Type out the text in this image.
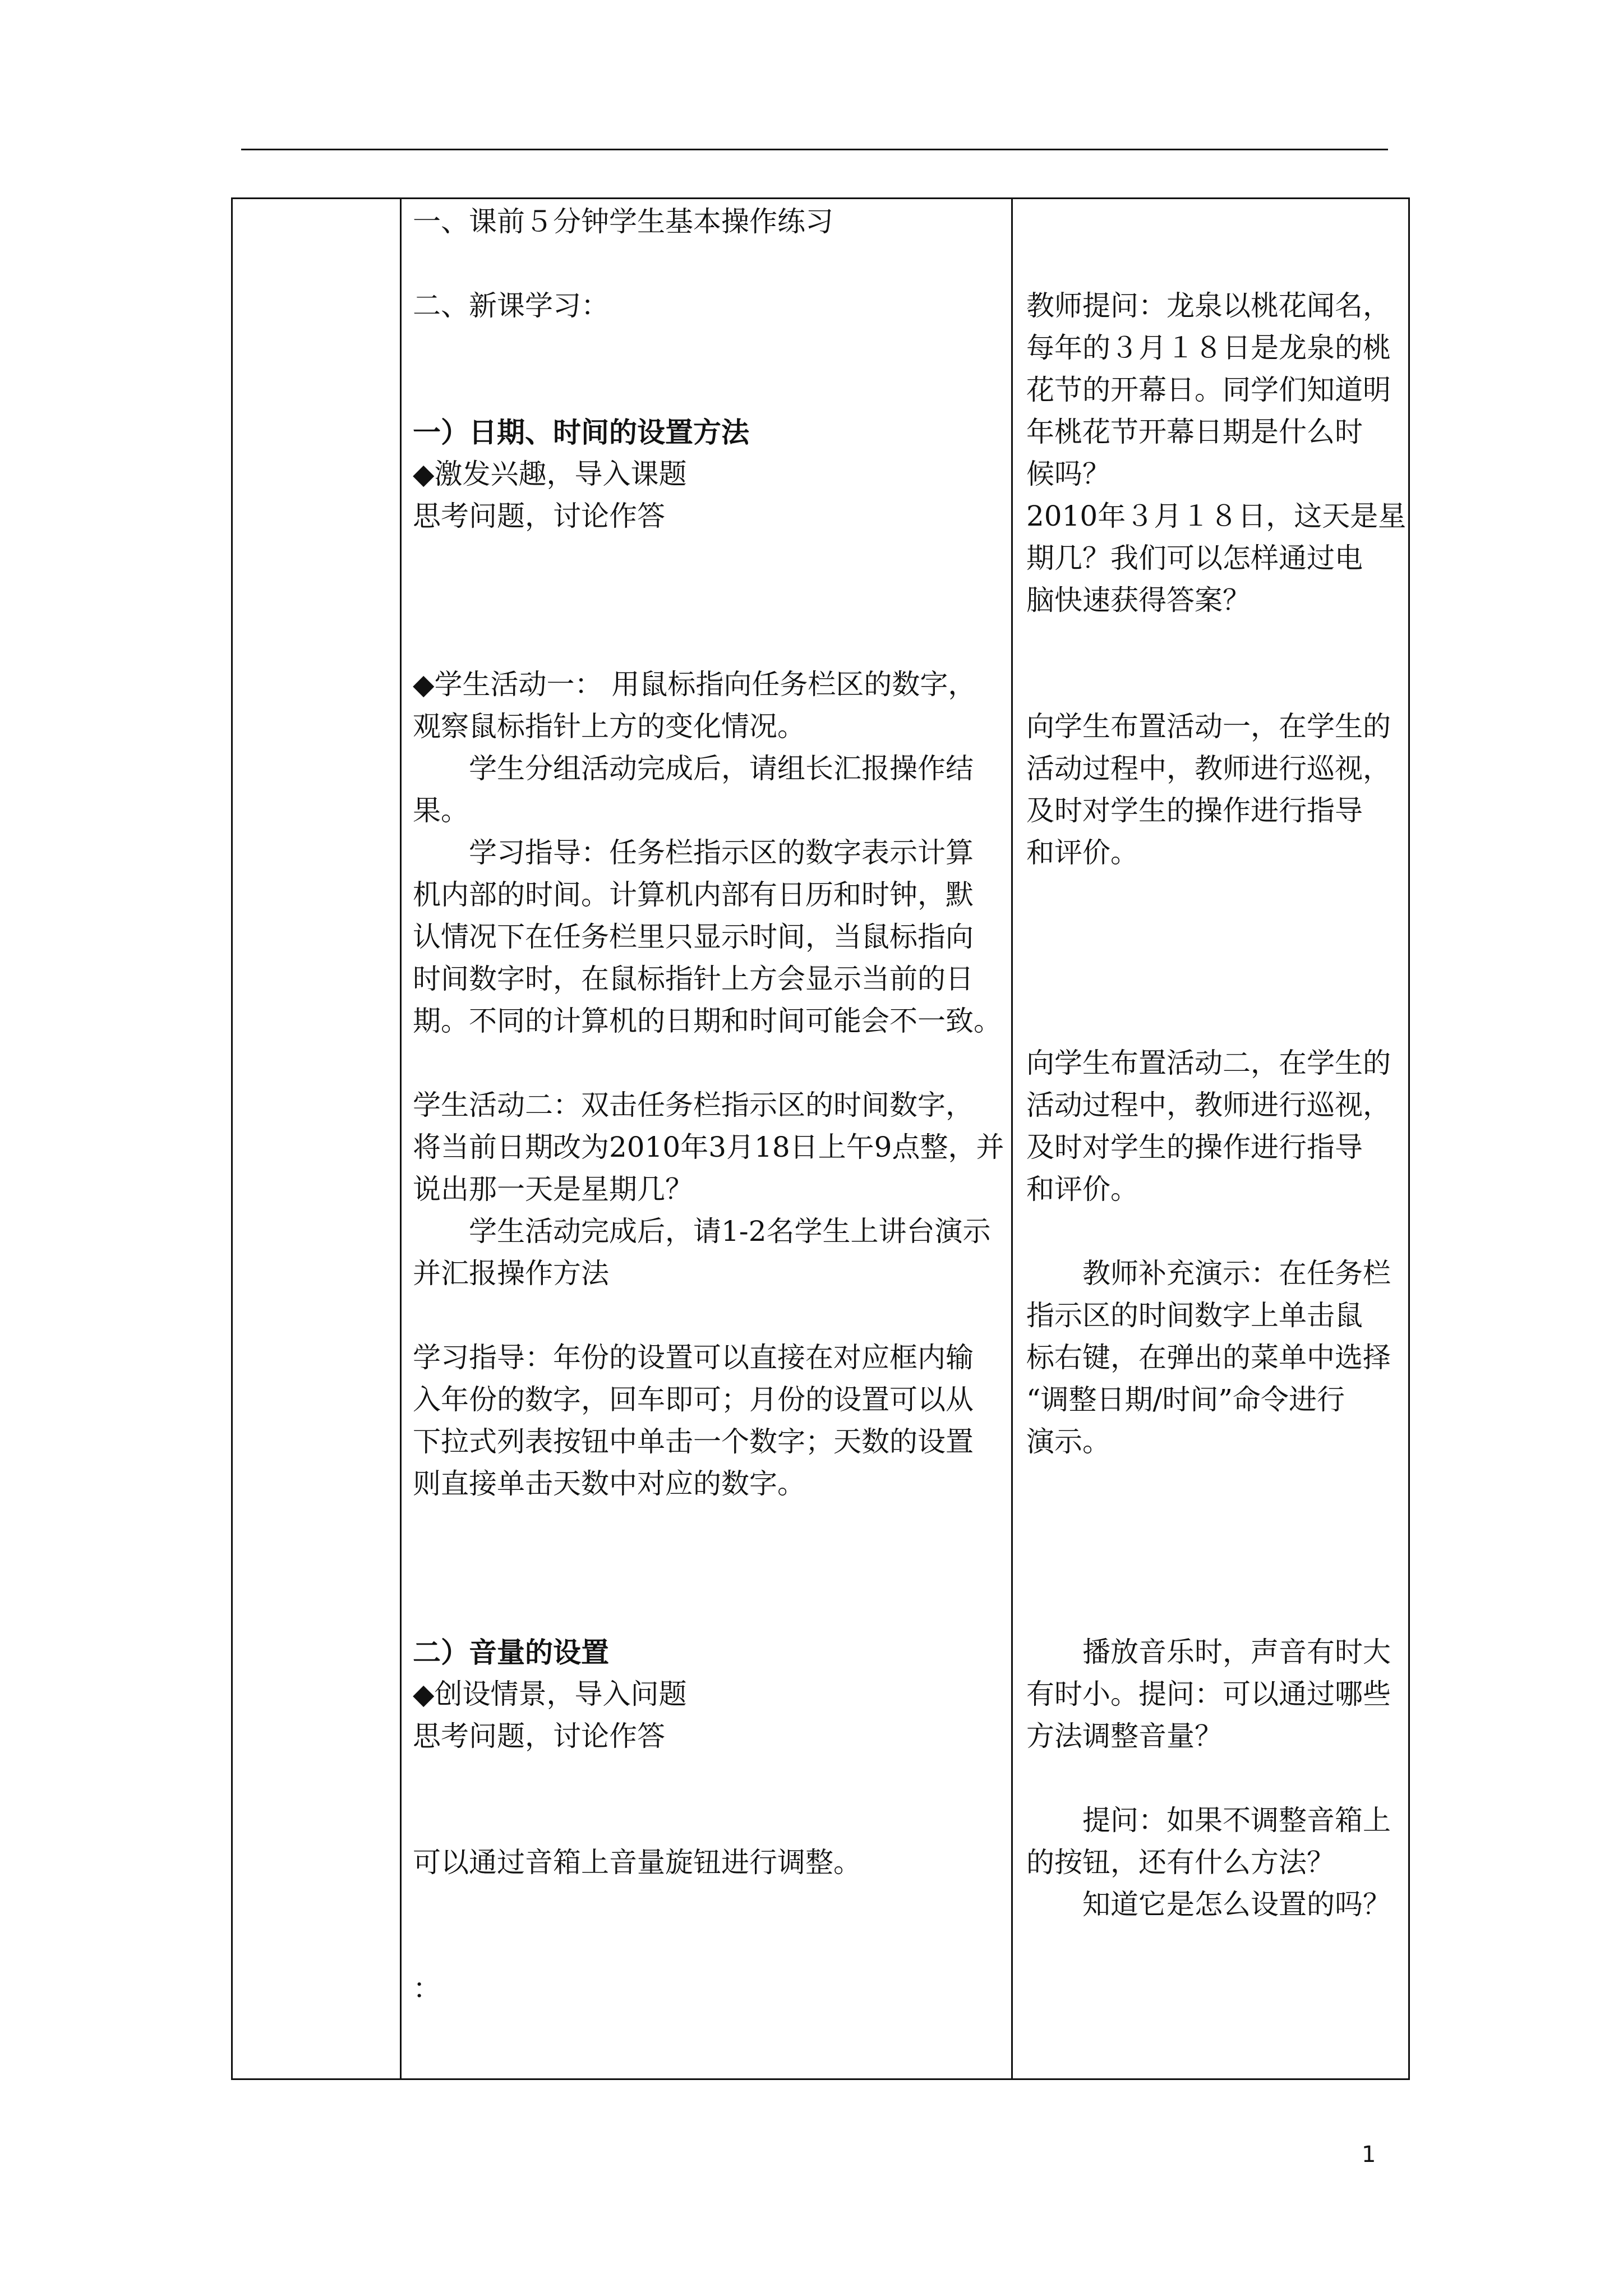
一、课前５分钟学生基本操作练习

二、新课学习：

一）日期、时间的设置方法

◆激发兴趣，导入课题

思考问题，讨论作答

◆学生活动一： 用鼠标指向任务栏区的数字，

观察鼠标指针上方的变化情况。

学生分组活动完成后，请组长汇报操作结

果。

学习指导：任务栏指示区的数字表示计算

机内部的时间。计算机内部有日历和时钟，默

认情况下在任务栏里只显示时间，当鼠标指向

时间数字时，在鼠标指针上方会显示当前的日

期。不同的计算机的日期和时间可能会不一致。

学生活动二：双击任务栏指示区的时间数字，

将当前日期改为2010年3月18日上午9点整，并

说出那一天是星期几？

学生活动完成后，请1-2名学生上讲台演示

并汇报操作方法

学习指导：年份的设置可以直接在对应框内输

入年份的数字，回车即可；月份的设置可以从

下拉式列表按钮中单击一个数字；天数的设置

则直接单击天数中对应的数字。

二）音量的设置

◆创设情景，导入问题

思考问题，讨论作答

可以通过音箱上音量旋钮进行调整。

：

教师提问：龙泉以桃花闻名，

每年的３月１８日是龙泉的桃

花节的开幕日。同学们知道明

年桃花节开幕日期是什么时

候吗？

2010年３月１８日，这天是星

期几？我们可以怎样通过电

脑快速获得答案？

向学生布置活动一，在学生的

活动过程中，教师进行巡视，

及时对学生的操作进行指导

和评价。

向学生布置活动二，在学生的

活动过程中，教师进行巡视，

及时对学生的操作进行指导

和评价。

教师补充演示：在任务栏

指示区的时间数字上单击鼠

标右键，在弹出的菜单中选择

“调整日期/时间”命令进行

演示。

播放音乐时，声音有时大

有时小。提问：可以通过哪些

方法调整音量？

提问：如果不调整音箱上

的按钮，还有什么方法？

知道它是怎么设置的吗？

1
